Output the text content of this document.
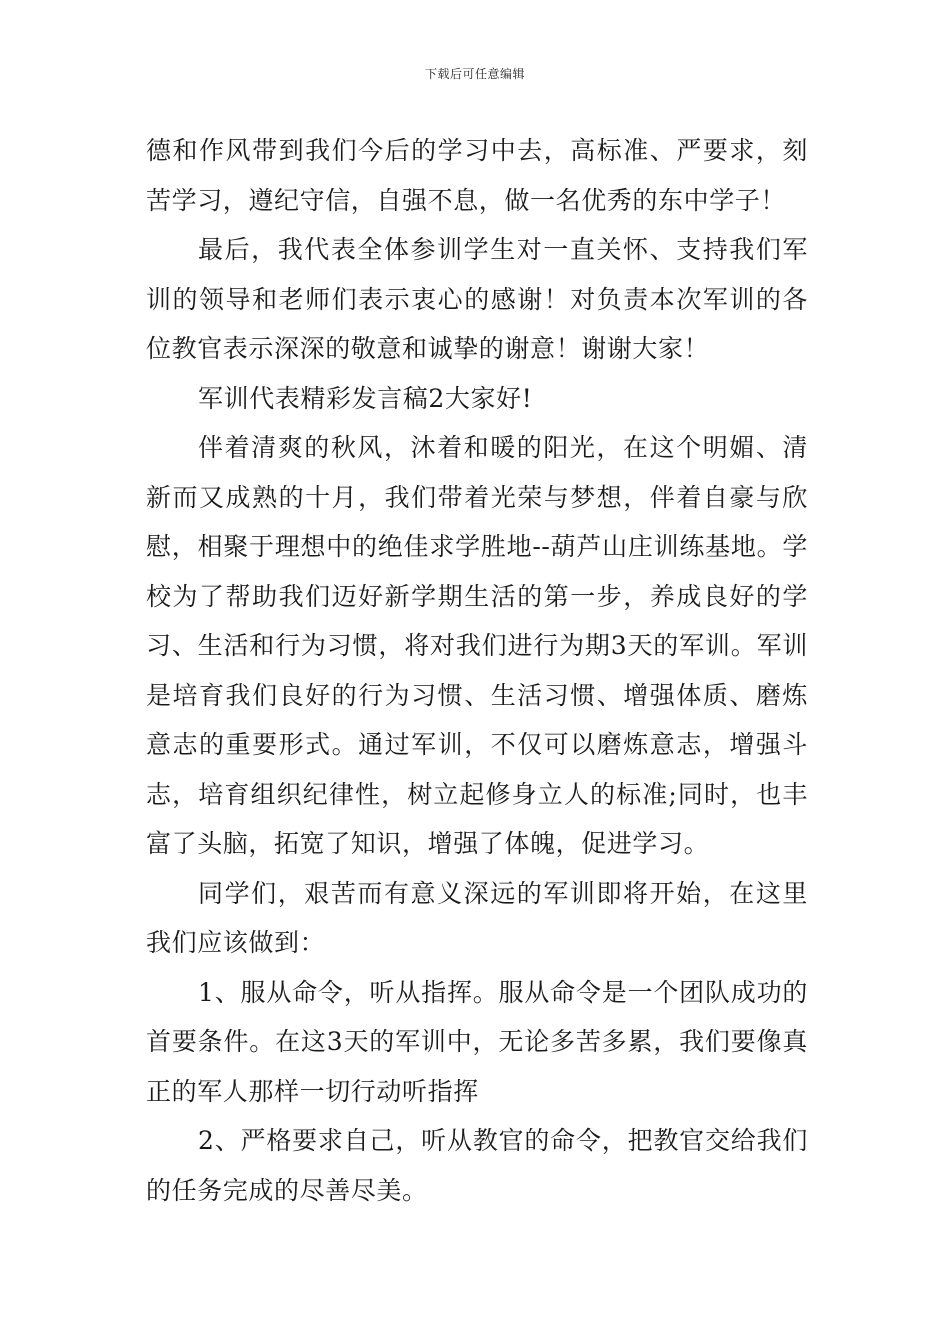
下载后可任意编辑

德和作风带到我们今后的学习中去，高标准、严要求，刻苦学习，遵纪守信，自强不息，做一名优秀的东中学子！

最后，我代表全体参训学生对一直关怀、支持我们军训的领导和老师们表示衷心的感谢！对负责本次军训的各位教官表示深深的敬意和诚挚的谢意！谢谢大家！

军训代表精彩发言稿2大家好!

伴着清爽的秋风，沐着和暖的阳光，在这个明媚、清新而又成熟的十月，我们带着光荣与梦想，伴着自豪与欣慰，相聚于理想中的绝佳求学胜地--葫芦山庄训练基地。学校为了帮助我们迈好新学期生活的第一步，养成良好的学习、生活和行为习惯，将对我们进行为期3天的军训。军训是培育我们良好的行为习惯、生活习惯、增强体质、磨炼意志的重要形式。通过军训，不仅可以磨炼意志，增强斗志，培育组织纪律性，树立起修身立人的标准;同时，也丰富了头脑，拓宽了知识，增强了体魄，促进学习。

同学们，艰苦而有意义深远的军训即将开始，在这里我们应该做到：

1、服从命令，听从指挥。服从命令是一个团队成功的首要条件。在这3天的军训中，无论多苦多累，我们要像真正的军人那样一切行动听指挥

2、严格要求自己，听从教官的命令，把教官交给我们的任务完成的尽善尽美。
